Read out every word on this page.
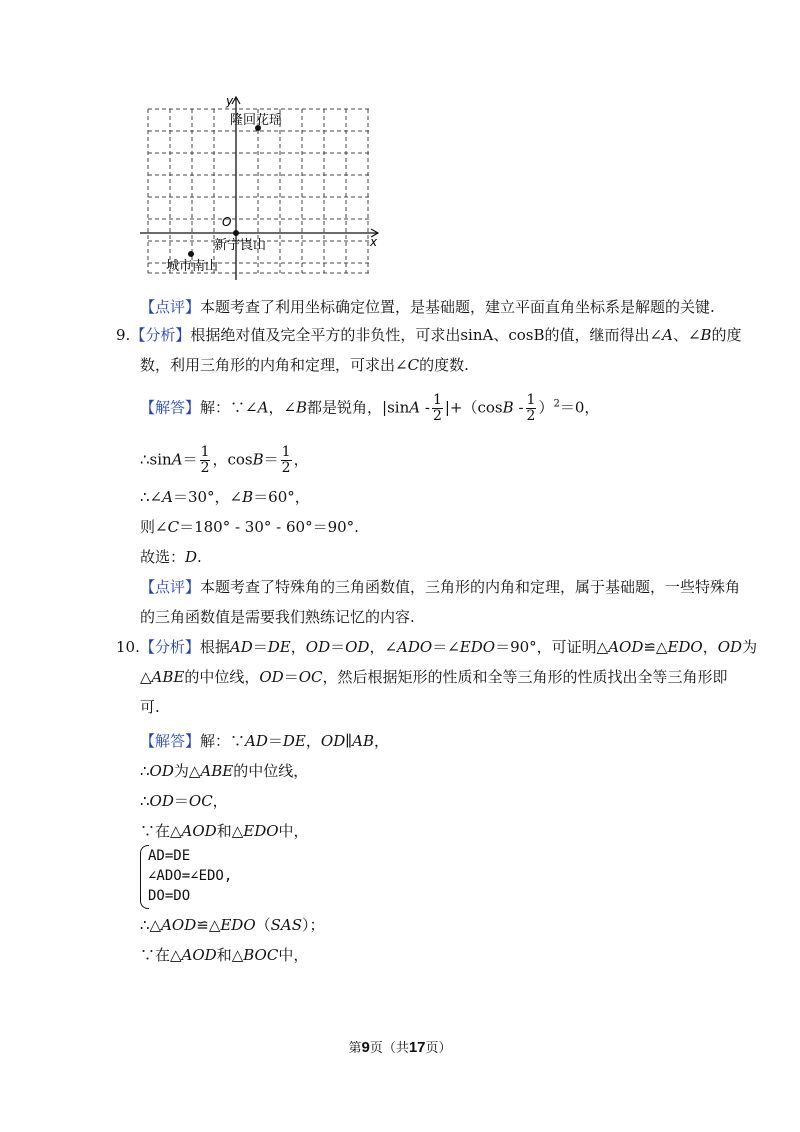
y
x
O
隆回花瑶
新宁崀山
城市南山
【点评】本题考查了利用坐标确定位置，是基础题，建立平面直角坐标系是解题的关键.
9.【分析】根据绝对值及完全平方的非负性，可求出sinA、cosB的值，继而得出∠A、∠B的度
数，利用三角形的内角和定理，可求出∠C的度数.
【解答】解：∵∠A，∠B都是锐角，$|\sin A - \frac{1}{2} |+(\cos B - \frac{1}{2} )^2=0$，
∴sinA＝ $\frac{1}{2}$ ，$\cos B= \frac{1}{2}$ ，
∴∠A＝30°，∠B＝60°，
则∠C＝180° - 30° - 60°＝90°.
故选：D.
【点评】本题考查了特殊角的三角函数值，三角形的内角和定理，属于基础题，一些特殊角
的三角函数值是需要我们熟练记忆的内容.
10.【分析】根据AD＝DE，OD＝OD，∠ADO＝∠EDO＝90°，可证明△AOD≌△EDO，OD为
△ABE的中位线，OD＝OC，然后根据矩形的性质和全等三角形的性质找出全等三角形即
可.
【解答】解：∵AD＝DE，OD∥AB，
∴OD为△ABE的中位线，
∴OD＝OC，
∵在△AOD和△EDO中，
AD=DE
∠ADO=∠EDO,
DO=DO
∴△AOD≌△EDO（SAS）；
∵在△AOD和△BOC中，
第9页（共17页）
